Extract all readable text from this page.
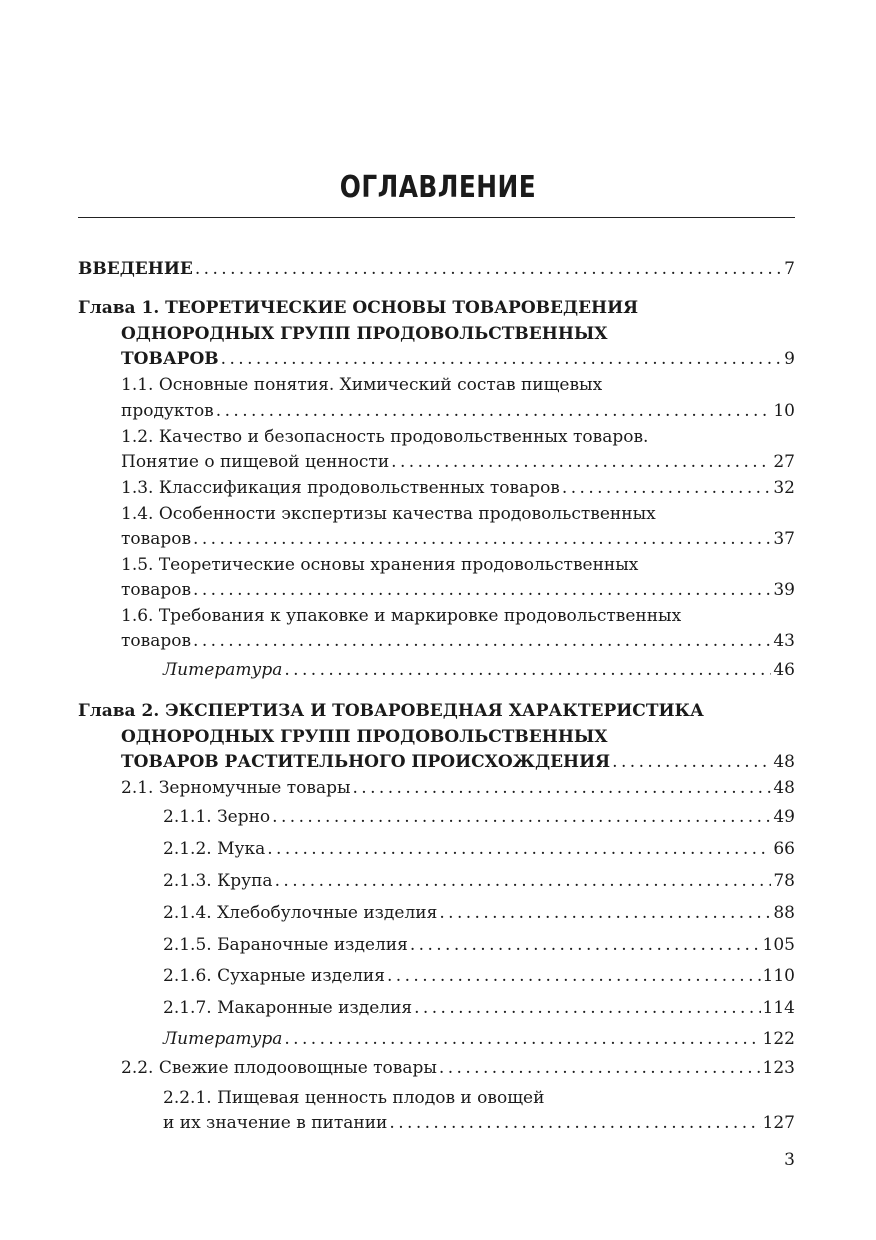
ОГЛАВЛЕНИЕ
ВВЕДЕНИЕ . . .	7
Глава 1. ТЕОРЕТИЧЕСКИЕ ОСНОВЫ ТОВАРОВЕДЕНИЯ
ОДНОРОДНЫХ ГРУПП ПРОДОВОЛЬСТВЕННЫХ
ТОВАРОВ . . .	9
1.1. Основные понятия. Химический состав пищевых
продуктов . . .	10
1.2. Качество и безопасность продовольственных товаров.
Понятие о пищевой ценности . . .	27
1.3. Классификация продовольственных товаров . . .	32
1.4. Особенности экспертизы качества продовольственных
товаров . . .	37
1.5. Теоретические основы хранения продовольственных
товаров . . .	39
1.6. Требования к упаковке и маркировке продовольственных
товаров . . .	43
Литература . . .	46
Глава 2. ЭКСПЕРТИЗА И ТОВАРОВЕДНАЯ ХАРАКТЕРИСТИКА
ОДНОРОДНЫХ ГРУПП ПРОДОВОЛЬСТВЕННЫХ
ТОВАРОВ РАСТИТЕЛЬНОГО ПРОИСХОЖДЕНИЯ . . .	48
2.1. Зерномучные товары . . .	48
2.1.1. Зерно . . .	49
2.1.2. Мука . . .	66
2.1.3. Крупа . . .	78
2.1.4. Хлебобулочные изделия . . .	88
2.1.5. Бараночные изделия . . .	105
2.1.6. Сухарные изделия . . .	110
2.1.7. Макаронные изделия . . .	114
Литература . . .	122
2.2. Свежие плодоовощные товары . . .	123
2.2.1. Пищевая ценность плодов и овощей
и их значение в питании . . .	127
3
